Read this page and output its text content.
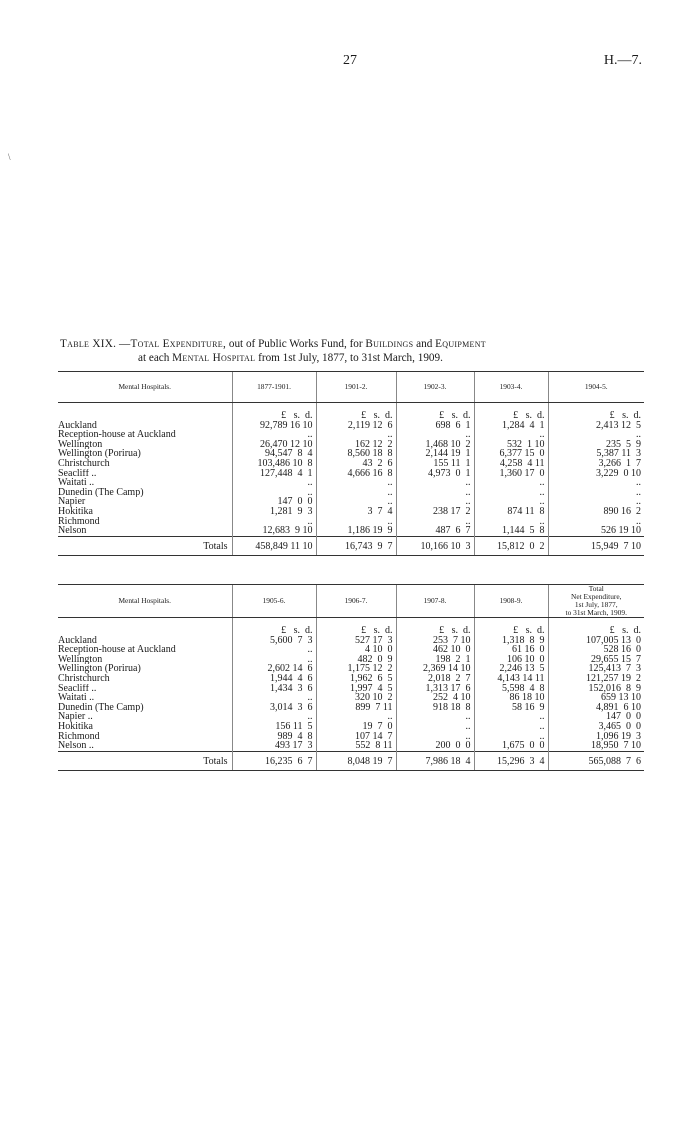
27	H.—7.
\
Table XIX. —Total Expenditure, out of Public Works Fund, for Buildings and Equipment
at each Mental Hospital from 1st July, 1877, to 31st March, 1909.
Mental Hospitals.	1877-1901.	1901-2.	1902-3.	1903-4.	1904-5.
	£   s.  d.	£   s.  d.	£   s.  d.	£   s.  d.	£   s.  d.
Auckland	92,789 16 10	2,119 12  6	698  6  1	1,284  4  1	2,413 12  5
Reception-house at Auckland	..	..	..	..	..
Wellington	26,470 12 10	162 12  2	1,468 10  2	532  1 10	235  5  9
Wellington (Porirua)	94,547  8  4	8,560 18  8	2,144 19  1	6,377 15  0	5,387 11  3
Christchurch	103,486 10  8	43  2  6	155 11  1	4,258  4 11	3,266  1  7
Seacliff ..	127,448  4  1	4,666 16  8	4,973  0  1	1,360 17  0	3,229  0 10
Waitati ..	..	..	..	..	..
Dunedin (The Camp)	..	..	..	..	..
Napier	147  0  0	..	..	..	..
Hokitika	1,281  9  3	3  7  4	238 17  2	874 11  8	890 16  2
Richmond	..	..	..	..	..
Nelson	12,683  9 10	1,186 19  9	487  6  7	1,144  5  8	526 19 10
Totals	458,849 11 10	16,743  9  7	10,166 10  3	15,812  0  2	15,949  7 10
Mental Hospitals.	1905-6.	1906-7.	1907-8.	1908-9.	Total
Net Expenditure,
1st July, 1877,
to 31st March, 1909.

	£   s.  d.	£   s.  d.	£   s.  d.	£   s.  d.	£   s.  d.
Auckland	5,600  7  3	527 17  3	253  7 10	1,318  8  9	107,005 13  0
Reception-house at Auckland	..	4 10  0	462 10  0	61 16  0	528 16  0
Wellington	..	482  0  9	198  2  1	106 10  0	29,655 15  7
Wellington (Porirua)	2,602 14  6	1,175 12  2	2,369 14 10	2,246 13  5	125,413  7  3
Christchurch	1,944  4  6	1,962  6  5	2,018  2  7	4,143 14 11	121,257 19  2
Seacliff ..	1,434  3  6	1,997  4  5	1,313 17  6	5,598  4  8	152,016  8  9
Waitati ..	..	320 10  2	252  4 10	86 18 10	659 13 10
Dunedin (The Camp)	3,014  3  6	899  7 11	918 18  8	58 16  9	4,891  6 10
Napier ..	..	..	..	..	147  0  0
Hokitika	156 11  5	19  7  0	..	..	3,465  0  0
Richmond	989  4  8	107 14  7	..	..	1,096 19  3
Nelson ..	493 17  3	552  8 11	200  0  0	1,675  0  0	18,950  7 10
Totals	16,235  6  7	8,048 19  7	7,986 18  4	15,296  3  4	565,088  7  6
